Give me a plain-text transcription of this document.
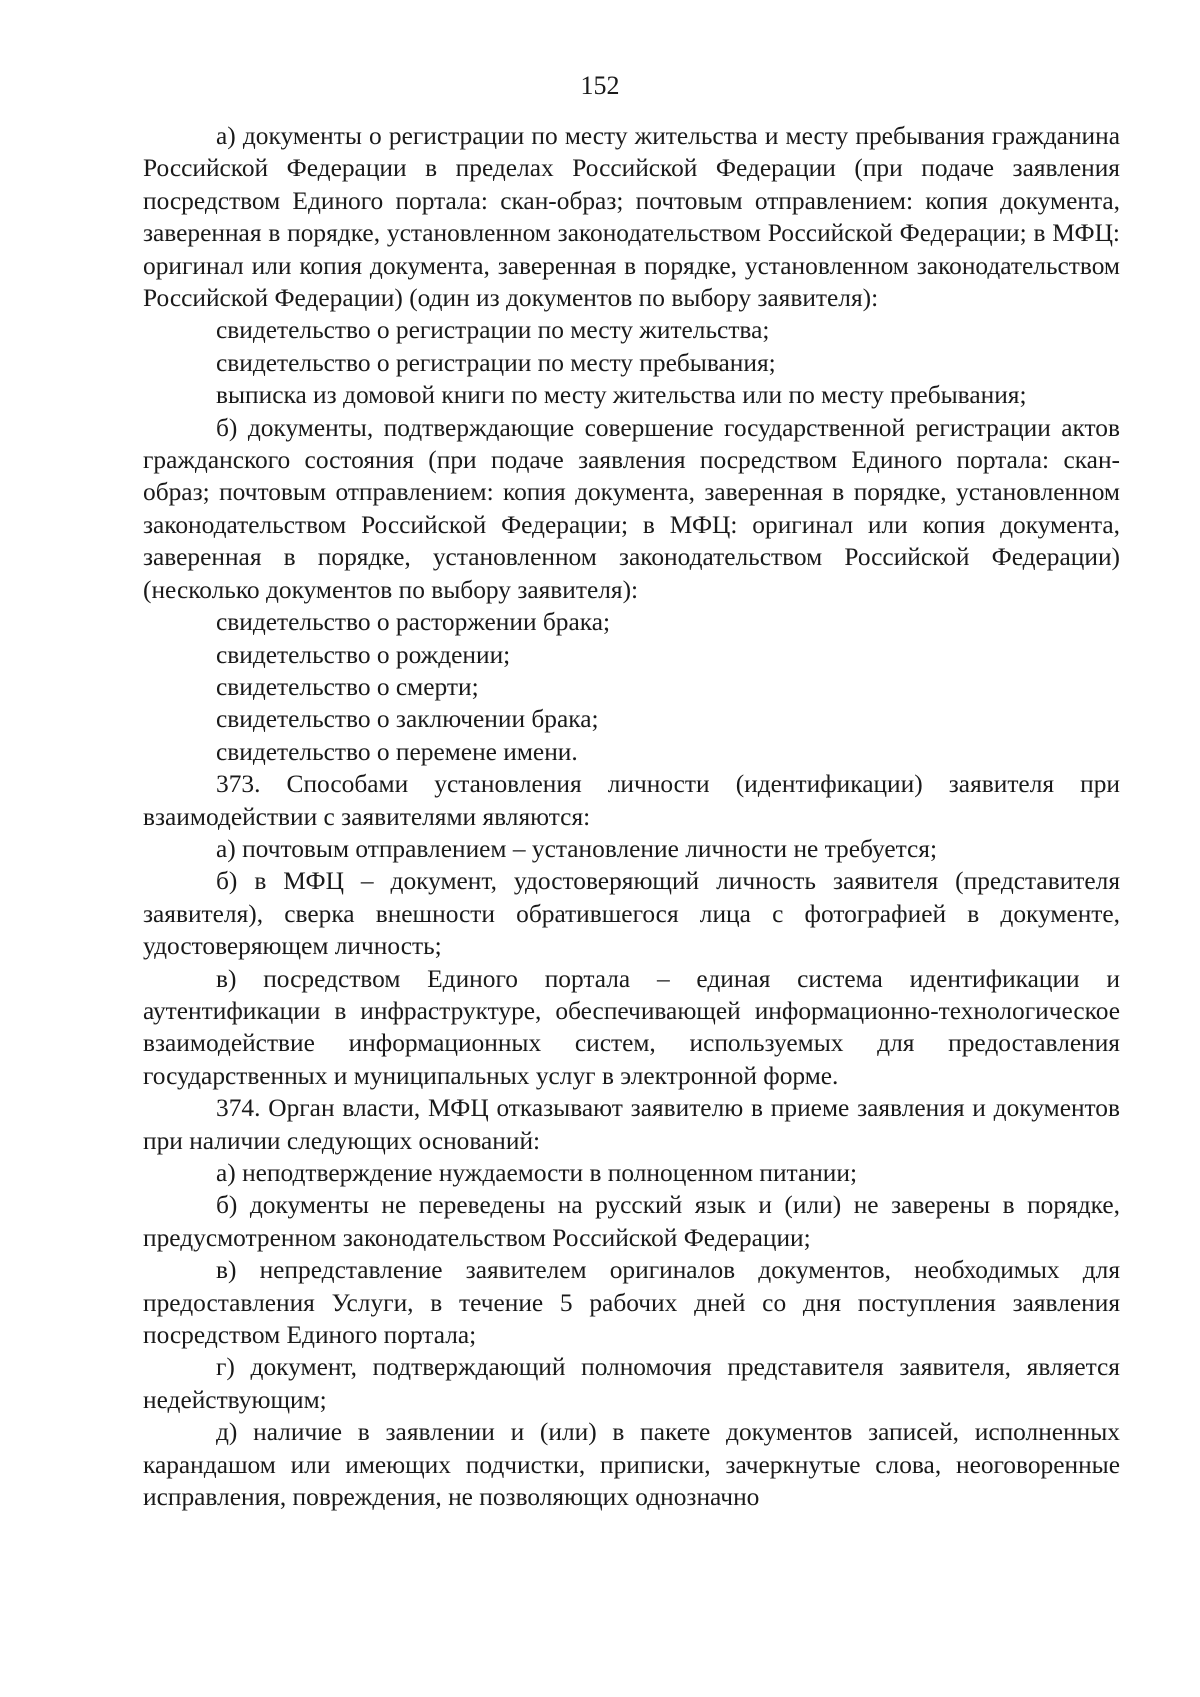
152

а) документы о регистрации по месту жительства и месту пребывания гражданина Российской Федерации в пределах Российской Федерации (при подаче заявления посредством Единого портала: скан-образ; почтовым отправлением: копия документа, заверенная в порядке, установленном законодательством Российской Федерации; в МФЦ: оригинал или копия документа, заверенная в порядке, установленном законодательством Российской Федерации) (один из документов по выбору заявителя):

свидетельство о регистрации по месту жительства;

свидетельство о регистрации по месту пребывания;

выписка из домовой книги по месту жительства или по месту пребывания;

б) документы, подтверждающие совершение государственной регистрации актов гражданского состояния (при подаче заявления посредством Единого портала: скан-образ; почтовым отправлением: копия документа, заверенная в порядке, установленном законодательством Российской Федерации; в МФЦ: оригинал или копия документа, заверенная в порядке, установленном законодательством Российской Федерации) (несколько документов по выбору заявителя):

свидетельство о расторжении брака;

свидетельство о рождении;

свидетельство о смерти;

свидетельство о заключении брака;

свидетельство о перемене имени.

373. Способами установления личности (идентификации) заявителя при взаимодействии с заявителями являются:

а) почтовым отправлением – установление личности не требуется;

б) в МФЦ – документ, удостоверяющий личность заявителя (представителя заявителя), сверка внешности обратившегося лица с фотографией в документе, удостоверяющем личность;

в) посредством Единого портала – единая система идентификации и аутентификации в инфраструктуре, обеспечивающей информационно-технологическое взаимодействие информационных систем, используемых для предоставления государственных и муниципальных услуг в электронной форме.

374. Орган власти, МФЦ отказывают заявителю в приеме заявления и документов при наличии следующих оснований:

а) неподтверждение нуждаемости в полноценном питании;

б) документы не переведены на русский язык и (или) не заверены в порядке, предусмотренном законодательством Российской Федерации;

в) непредставление заявителем оригиналов документов, необходимых для предоставления Услуги, в течение 5 рабочих дней со дня поступления заявления посредством Единого портала;

г) документ, подтверждающий полномочия представителя заявителя, является недействующим;

д) наличие в заявлении и (или) в пакете документов записей, исполненных карандашом или имеющих подчистки, приписки, зачеркнутые слова, неоговоренные исправления, повреждения, не позволяющих однозначно
